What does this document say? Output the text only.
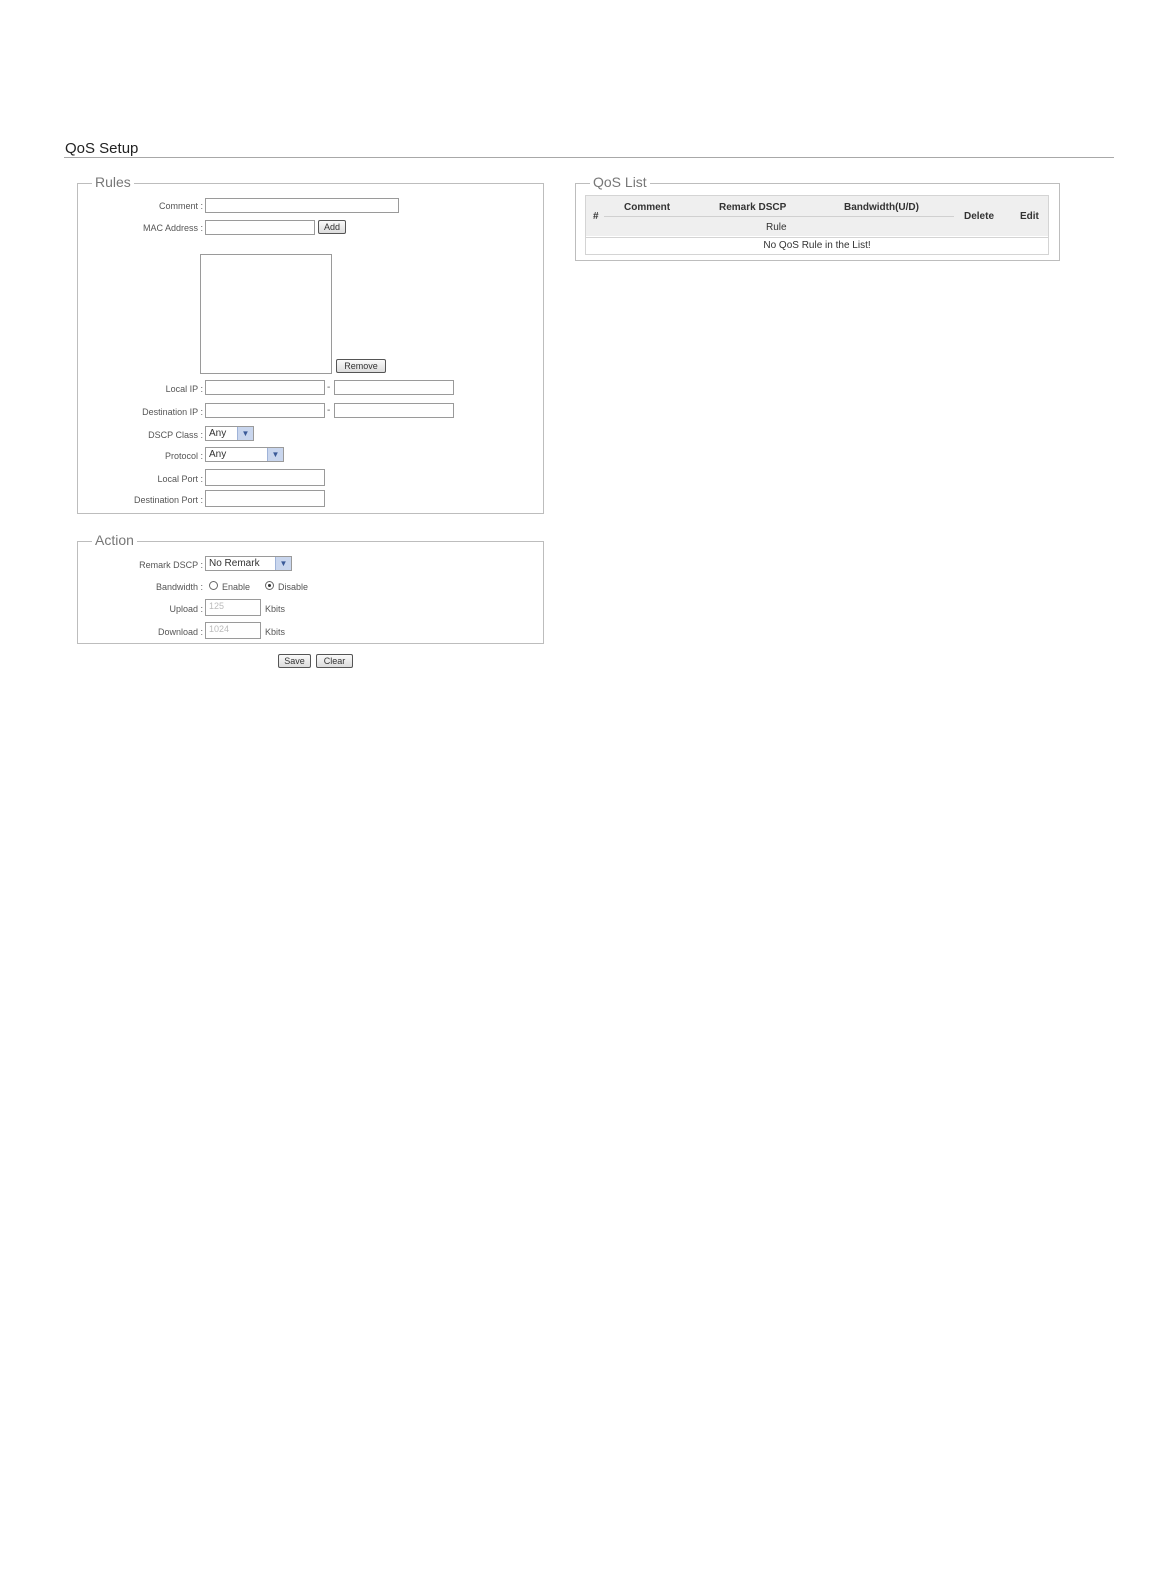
QoS Setup
Rules
Comment :
MAC Address :	Add
Remove
Local IP :	-
Destination IP :	-
DSCP Class : Any	▼
Protocol : Any	▼
Local Port :
Destination Port :
Action
Remark DSCP : No Remark	▼
Bandwidth : Enable	Disable
Upload : 125	Kbits
Download : 1024	Kbits
Save	Clear
QoS List
#
Comment	Remark DSCP	Bandwidth(U/D)
Rule
Delete	Edit
No QoS Rule in the List!
